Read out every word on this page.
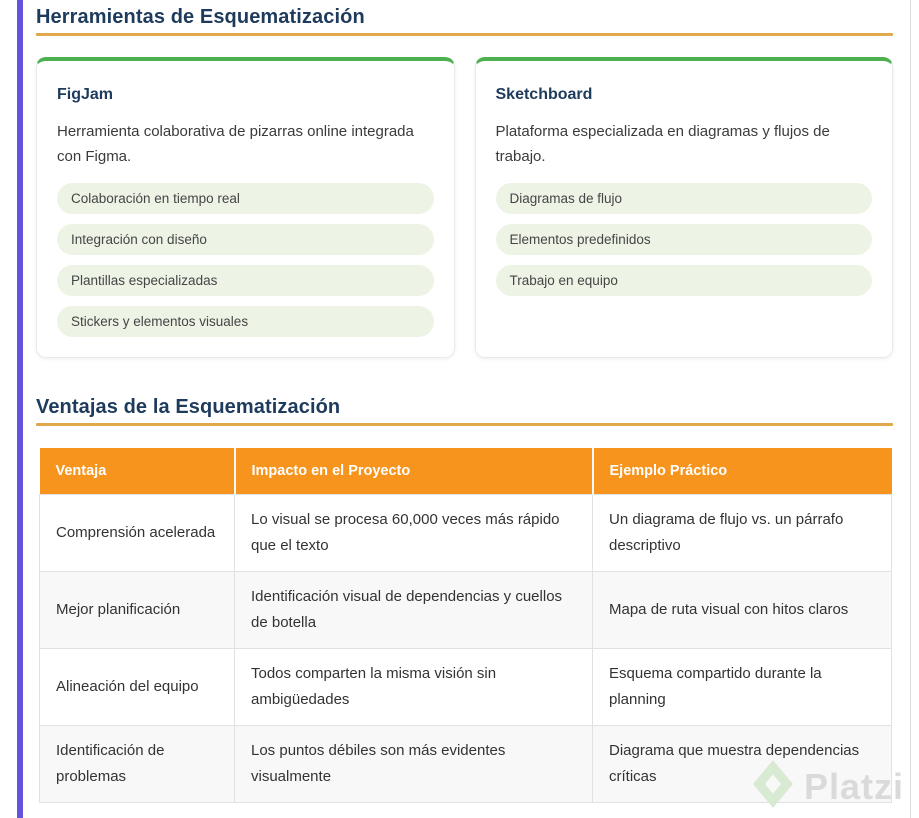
Herramientas de Esquematización
FigJam
Herramienta colaborativa de pizarras online integrada con Figma.
Colaboración en tiempo real
Integración con diseño
Plantillas especializadas
Stickers y elementos visuales
Sketchboard
Plataforma especializada en diagramas y flujos de trabajo.
Diagramas de flujo
Elementos predefinidos
Trabajo en equipo
Ventajas de la Esquematización
Ventaja	Impacto en el Proyecto	Ejemplo Práctico
Comprensión acelerada	Lo visual se procesa 60,000 veces más rápido que el texto	Un diagrama de flujo vs. un párrafo descriptivo
Mejor planificación	Identificación visual de dependencias y cuellos de botella	Mapa de ruta visual con hitos claros
Alineación del equipo	Todos comparten la misma visión sin ambigüedades	Esquema compartido durante la planning
Identificación de problemas	Los puntos débiles son más evidentes visualmente	Diagrama que muestra dependencias críticas	Platzi
